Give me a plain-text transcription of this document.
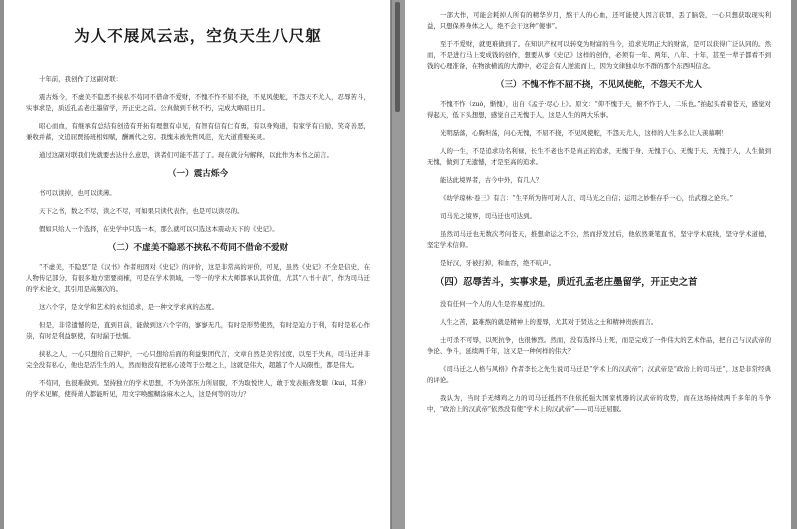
为人不展风云志，空负天生八尺躯

十年前，我创作了这副对联：

震古烁今，不虚美不隐恶不挟私不苟同不借命不爱财，不愧不怍不屈不挠，不见风使舵，不怨天不尤人，忍辱苦斗，实事求是，质近孔孟老庄墨留学，开正史之首。公真做到千秋不朽，完成大略昭日月。

昭心而血，有继承有总结有创造有开拓有理想有卓见，有智有信有仁有勇，有以身殉道，有家学有自励，笑奇善恶，兼收并蓄，文追屈贾扬班相如赋，酬画代之穷。我愧未被先哲风范，光大道甫娶英灵。

通过这副对联我们先就要去达什么意思，读者们可能不甚了了。现在就分句解释，以此作为本书之前言。

（一）震古烁今

书可以读掉，也可以读薄。

天下之书，数之不尽，读之不尽，可如果只读代表作，也是可以读尽的。

假如只给人一个选择，在史学中只选一本，那么就可以只选这本震动天下的《史记》。

（二）不虚美不隐恶不挟私不苟同不借命不爱财

“不虚美，不隐恶”是《汉书》作者班固对《史记》的评价，这是非常高的评价，可见，虽然《史记》不全是信史，在人物传记部分，有很多地方需要商榷，可是在学术领域，一等一的学术大师都承认其价值，尤其“八书十表”，作为司马迁的学术论文，其引用是高频次的。

这六个字，是文学和艺术的永恒追求，是一种文学求真的态度。

但是，非常遗憾的是，直到目前，能做到这六个字的，寥寥无几，有时是形势使然，有时是迫力于利，有时是私心作祟，有时是利益驱使，有时漏于怯懦。

挟私之人，一心只想给自己辩护，一心只想给后面的利益集团代言，文章自然是美容过度，以至于失真，司马迁并非完全没有私心，他也是活生生的人，然而他没有把私心凌驾于公理之上，这就是伟大，超越了个人局限性，都是伟大。

不苟同，也很难做到。坚持独立的学术思想，不为外部压力所屈服，不为取悦世人，敢于发表振聋发聩（kui，耳聋）的学术见解，使得萧人都能听见，用文字唤醒糊涂麻木之人，这是何等的功力？

一部大作，可能会耗掉人所有的精华岁月，熬干人的心血，还可能使人因言获罪，丢了脑袋，一心只想获取现实利益，只想保养身体之人，绝不会干这种“傻事”。

至于不爱财，就更难做到了。在知识产权可以转变为财富的当今，追求光明正大的财富，是可以获得广泛认同的。然而，不是进行马上变成钱的创作，想要从事《史记》这样的创作，必须有一年、两年、八年、十年，甚至一辈子都看不到钱的心理准备，在物欲横流的大潮中，必定会有人逆流而上，因为文律独卓尔不群的那个东西叫信念。

（三）不愧不怍不屈不挠，不见风使舵，不怨天不尤人

不愧不怍（zuò，惭愧），出自《孟子·尽心上》。原文：“仰不愧于天，俯不怍于人，二乐也。”拍起头看着苍天，感觉对得起天，低下头想想，感觉自己无愧于人，这是人生的两大乐事。

光明磊落，心胸坦荡，问心无愧，不屈不挠，不见风使舵，不怨天尤人，这样的人生多么让人羡慕啊！

人的一生，不是追求功名利禄，长生不老也不是真正的追求，无愧于身、无愧于心、无愧于天、无愧于人，人生做到无愧，做到了无遗憾，才是至高的追求。

能达此境界者，古今中外，有几人？

《幼学琼林·卷三》有言：“生平所为皆可对人言，司马光之自信；运用之妙惟存乎一心，岳武穆之论兵。”

司马光之境界，司马迁也可达到。

虽然司马迁也无数次考问苍天，推想命运之不公，然而抒发过后，他依然秉笔直书，坚守学术底线，坚守学术道德，坚定学术信仰。

是好汉，牙被打掉，和血吞，绝不吭声。

（四）忍辱苦斗，实事求是，质近孔孟老庄墨留学，开正史之首

没有任何一个人的人生是容易度过的。

人生之苦，最难熬的就是精神上的羞辱，尤其对于贤达之士和精神贵族而言。

士可杀不可辱，以死抗争，也很惨烈。然而，没有选择马上死，而是完成了一件伟大的艺术作品，把自己与汉武帝的争论、争斗，延续两千年，这又是一种何样的伟大？

《司马迁之人格与风格》作者李长之先生说司马迁是“学术上的汉武帝”；汉武帝是“政治上的司马迁”，这是非常经典的评论。

我认为，当时手无缚鸡之力的司马迁抵挡不住依托强大国家机器的汉武帝的攻势，而在这场持续两千多年的斗争中，“政治上的汉武帝”依然没有使“学术上的汉武帝”——司马迁屈服。
